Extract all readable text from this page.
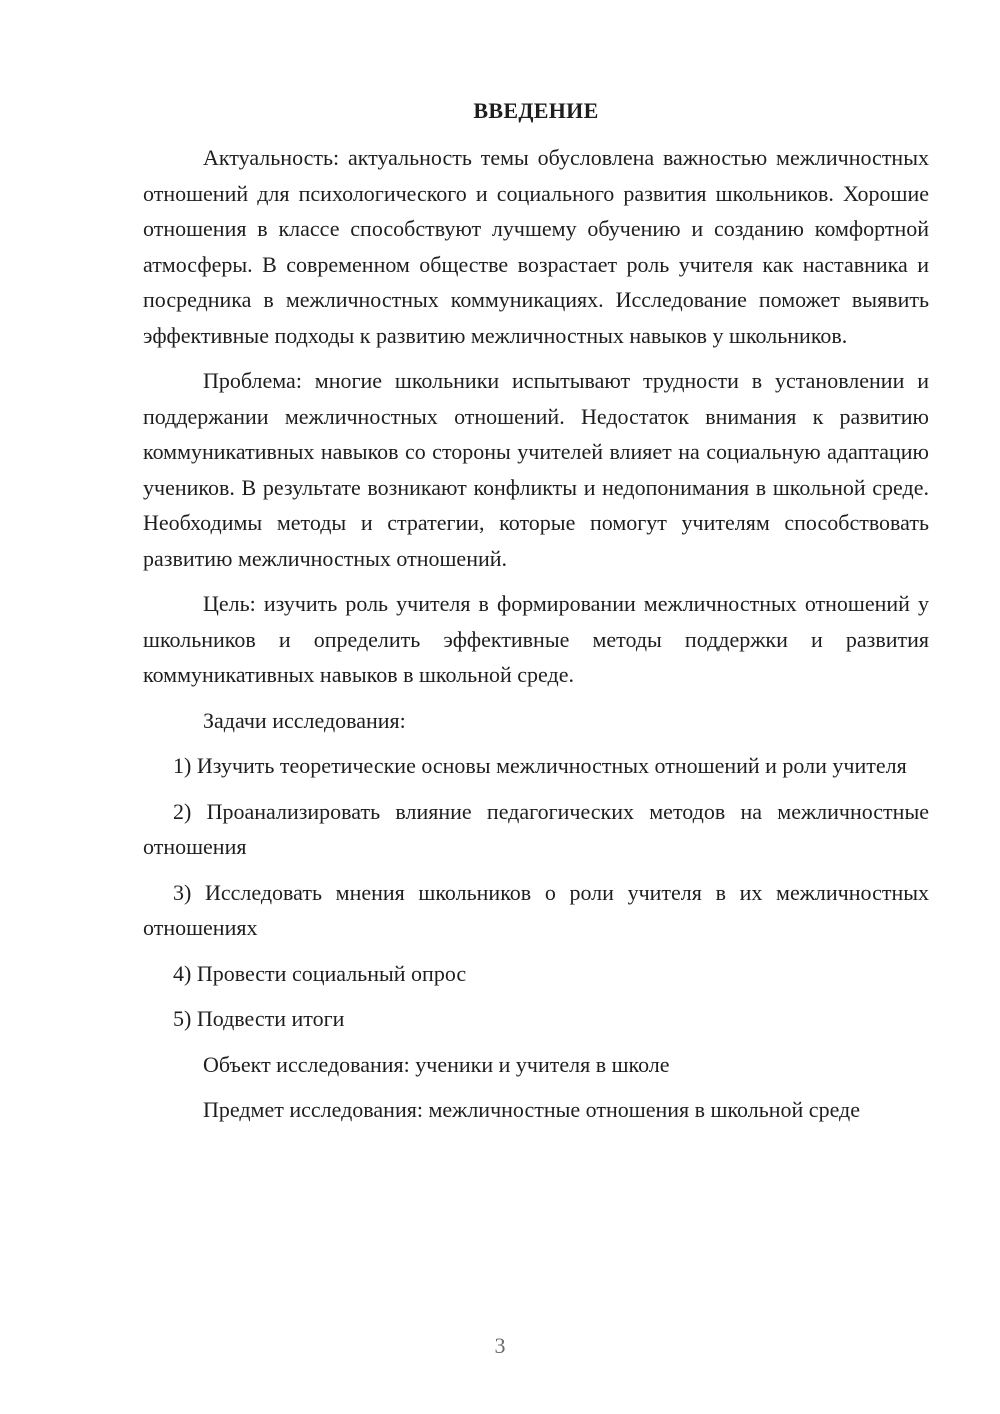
ВВЕДЕНИЕ

Актуальность: актуальность темы обусловлена важностью межличностных отношений для психологического и социального развития школьников. Хорошие отношения в классе способствуют лучшему обучению и созданию комфортной атмосферы. В современном обществе возрастает роль учителя как наставника и посредника в межличностных коммуникациях. Исследование поможет выявить эффективные подходы к развитию межличностных навыков у школьников.

Проблема: многие школьники испытывают трудности в установлении и поддержании межличностных отношений. Недостаток внимания к развитию коммуникативных навыков со стороны учителей влияет на социальную адаптацию учеников. В результате возникают конфликты и недопонимания в школьной среде. Необходимы методы и стратегии, которые помогут учителям способствовать развитию межличностных отношений.

Цель: изучить роль учителя в формировании межличностных отношений у школьников и определить эффективные методы поддержки и развития коммуникативных навыков в школьной среде.

Задачи исследования:

1) Изучить теоретические основы межличностных отношений и роли учителя
2) Проанализировать влияние педагогических методов на межличностные отношения
3) Исследовать мнения школьников о роли учителя в их межличностных отношениях
4) Провести социальный опрос
5) Подвести итоги

Объект исследования: ученики и учителя в школе

Предмет исследования: межличностные отношения в школьной среде

3
